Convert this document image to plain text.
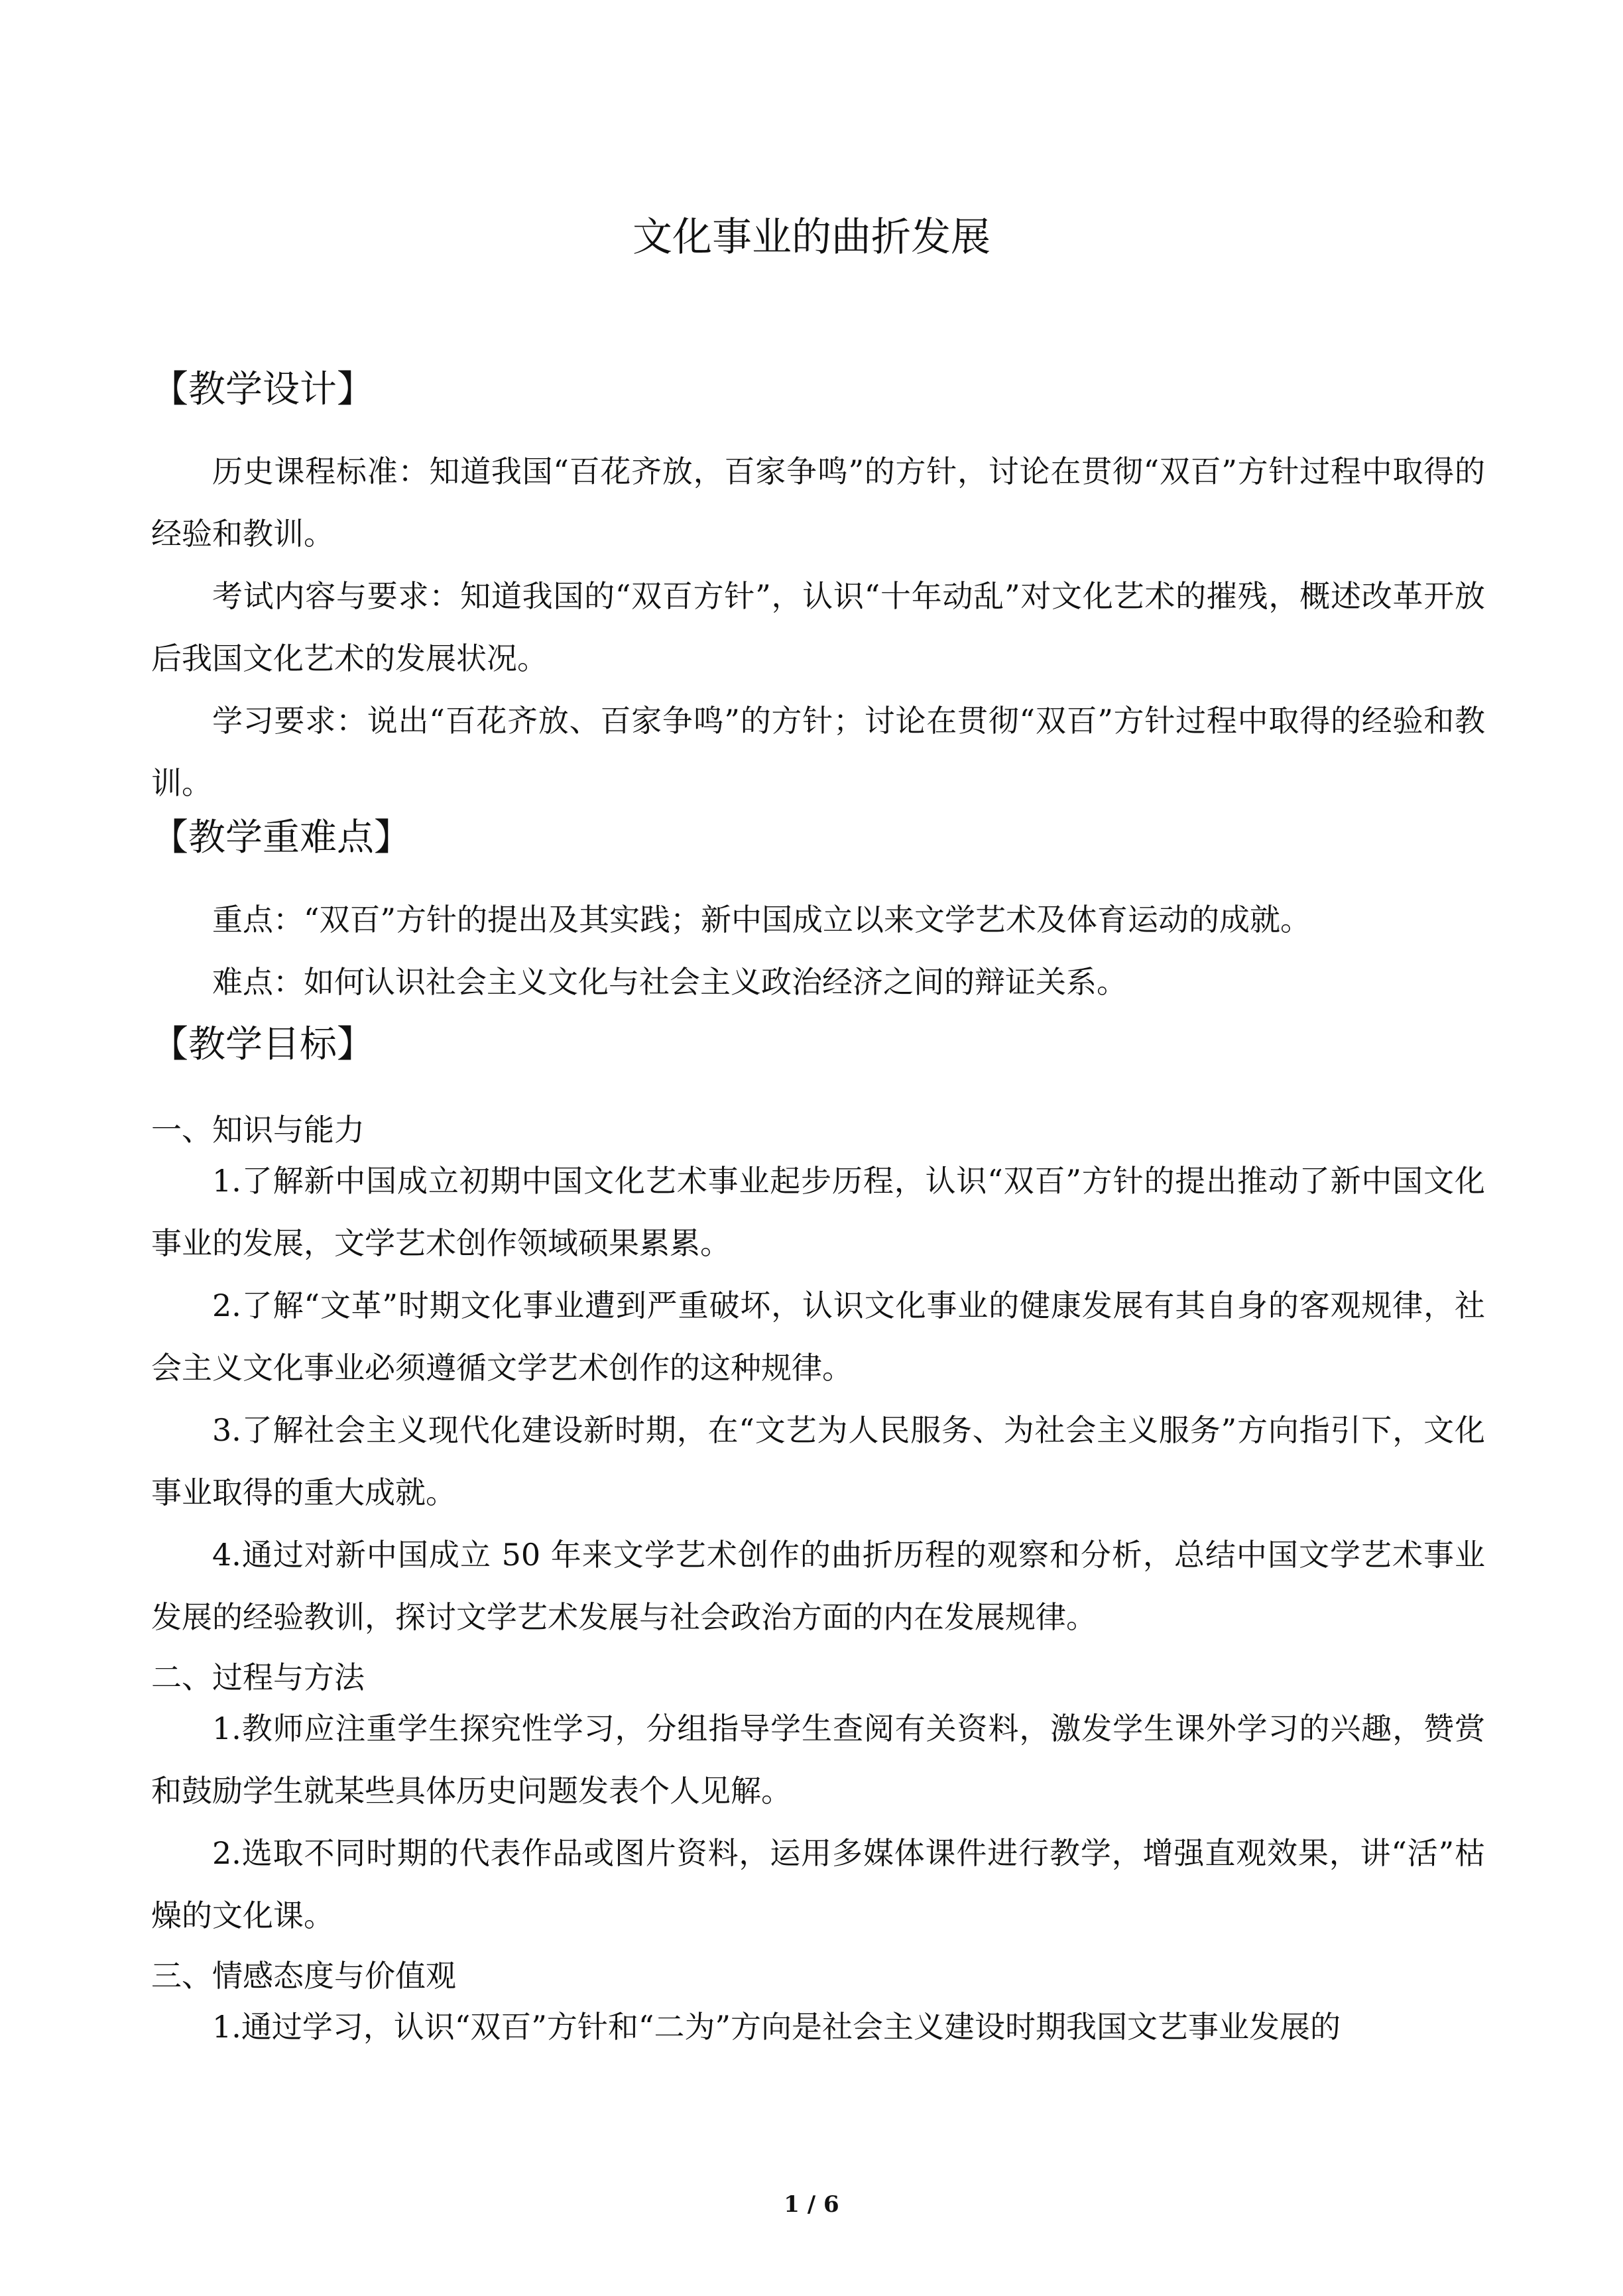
文化事业的曲折发展
【教学设计】

历史课程标准：知道我国“百花齐放，百家争鸣”的方针，讨论在贯彻“双百”方针过程中取得的经验和教训。

考试内容与要求：知道我国的“双百方针”，认识“十年动乱”对文化艺术的摧残，概述改革开放后我国文化艺术的发展状况。

学习要求：说出“百花齐放、百家争鸣”的方针；讨论在贯彻“双百”方针过程中取得的经验和教训。

【教学重难点】

重点：“双百”方针的提出及其实践；新中国成立以来文学艺术及体育运动的成就。

难点：如何认识社会主义文化与社会主义政治经济之间的辩证关系。

【教学目标】
一、知识与能力

1.了解新中国成立初期中国文化艺术事业起步历程，认识“双百”方针的提出推动了新中国文化事业的发展，文学艺术创作领域硕果累累。

2.了解“文革”时期文化事业遭到严重破坏，认识文化事业的健康发展有其自身的客观规律，社会主义文化事业必须遵循文学艺术创作的这种规律。

3.了解社会主义现代化建设新时期，在“文艺为人民服务、为社会主义服务”方向指引下，文化事业取得的重大成就。

4.通过对新中国成立 50 年来文学艺术创作的曲折历程的观察和分析，总结中国文学艺术事业发展的经验教训，探讨文学艺术发展与社会政治方面的内在发展规律。

二、过程与方法

1.教师应注重学生探究性学习，分组指导学生查阅有关资料，激发学生课外学习的兴趣，赞赏和鼓励学生就某些具体历史问题发表个人见解。

2.选取不同时期的代表作品或图片资料，运用多媒体课件进行教学，增强直观效果，讲“活”枯燥的文化课。

三、情感态度与价值观

1.通过学习，认识“双百”方针和“二为”方向是社会主义建设时期我国文艺事业发展的

1 / 6
